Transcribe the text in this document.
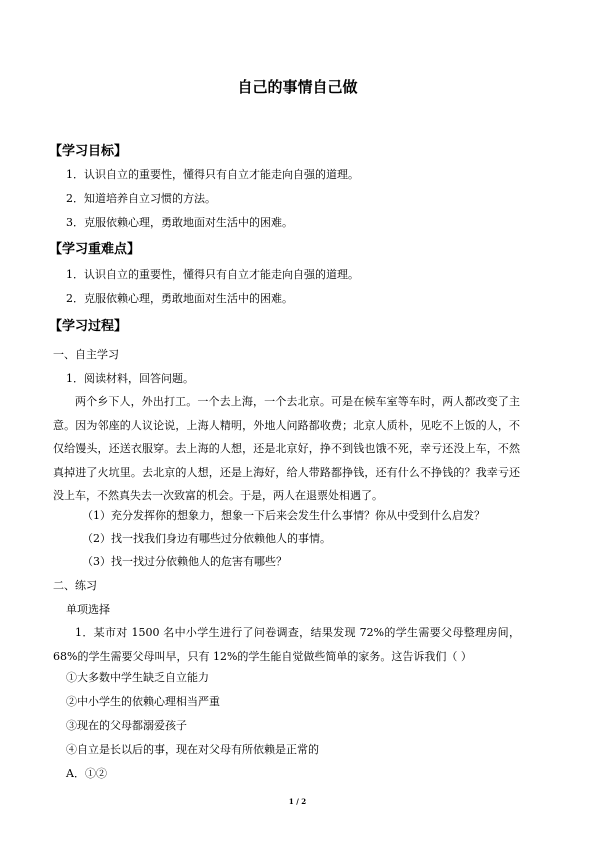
自己的事情自己做
【学习目标】
1．认识自立的重要性，懂得只有自立才能走向自强的道理。
2．知道培养自立习惯的方法。
3．克服依赖心理，勇敢地面对生活中的困难。
【学习重难点】
1．认识自立的重要性，懂得只有自立才能走向自强的道理。
2．克服依赖心理，勇敢地面对生活中的困难。
【学习过程】
一、自主学习
1．阅读材料，回答问题。
两个乡下人，外出打工。一个去上海，一个去北京。可是在候车室等车时，两人都改变了主意。因为邻座的人议论说，上海人精明，外地人问路都收费；北京人质朴，见吃不上饭的人，不仅给馒头，还送衣服穿。去上海的人想，还是北京好，挣不到钱也饿不死，幸亏还没上车，不然真掉进了火坑里。去北京的人想，还是上海好，给人带路都挣钱，还有什么不挣钱的？我幸亏还没上车，不然真失去一次致富的机会。于是，两人在退票处相遇了。
（1）充分发挥你的想象力，想象一下后来会发生什么事情？你从中受到什么启发？
（2）找一找我们身边有哪些过分依赖他人的事情。
（3）找一找过分依赖他人的危害有哪些？
二、练习
单项选择
1．某市对 1500 名中小学生进行了问卷调查，结果发现 72%的学生需要父母整理房间，68%的学生需要父母叫早，只有 12%的学生能自觉做些简单的家务。这告诉我们（ ）
①大多数中学生缺乏自立能力
②中小学生的依赖心理相当严重
③现在的父母都溺爱孩子
④自立是长以后的事，现在对父母有所依赖是正常的
A．①②
1 / 2
